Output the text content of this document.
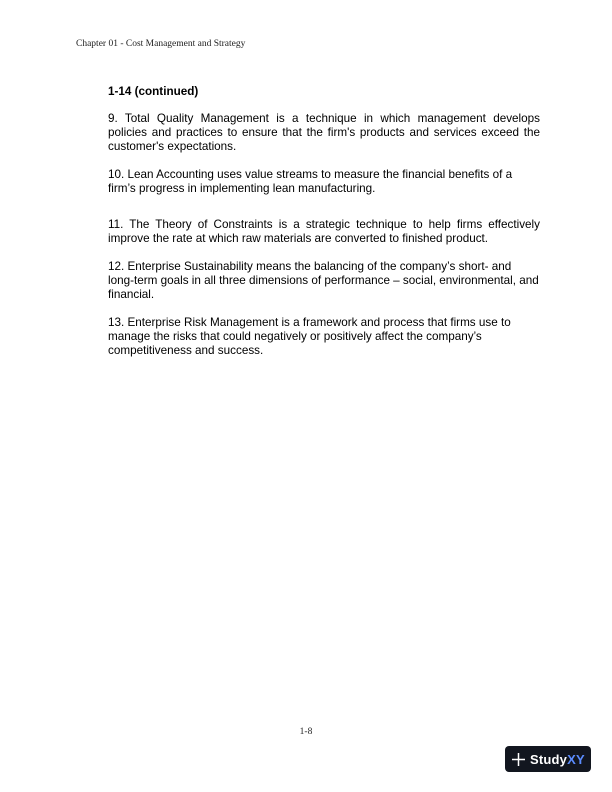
Chapter 01 - Cost Management and Strategy

1-14 (continued)

9. Total Quality Management is a technique in which management develops policies and practices to ensure that the firm's products and services exceed the customer's expectations.

10. Lean Accounting uses value streams to measure the financial benefits of a firm’s progress in implementing lean manufacturing.

11. The Theory of Constraints is a strategic technique to help firms effectively improve the rate at which raw materials are converted to finished product.

12. Enterprise Sustainability means the balancing of the company’s short- and long-term goals in all three dimensions of performance – social, environmental, and financial.

13. Enterprise Risk Management is a framework and process that firms use to manage the risks that could negatively or positively affect the company’s competitiveness and success.

1-8
StudyXY
